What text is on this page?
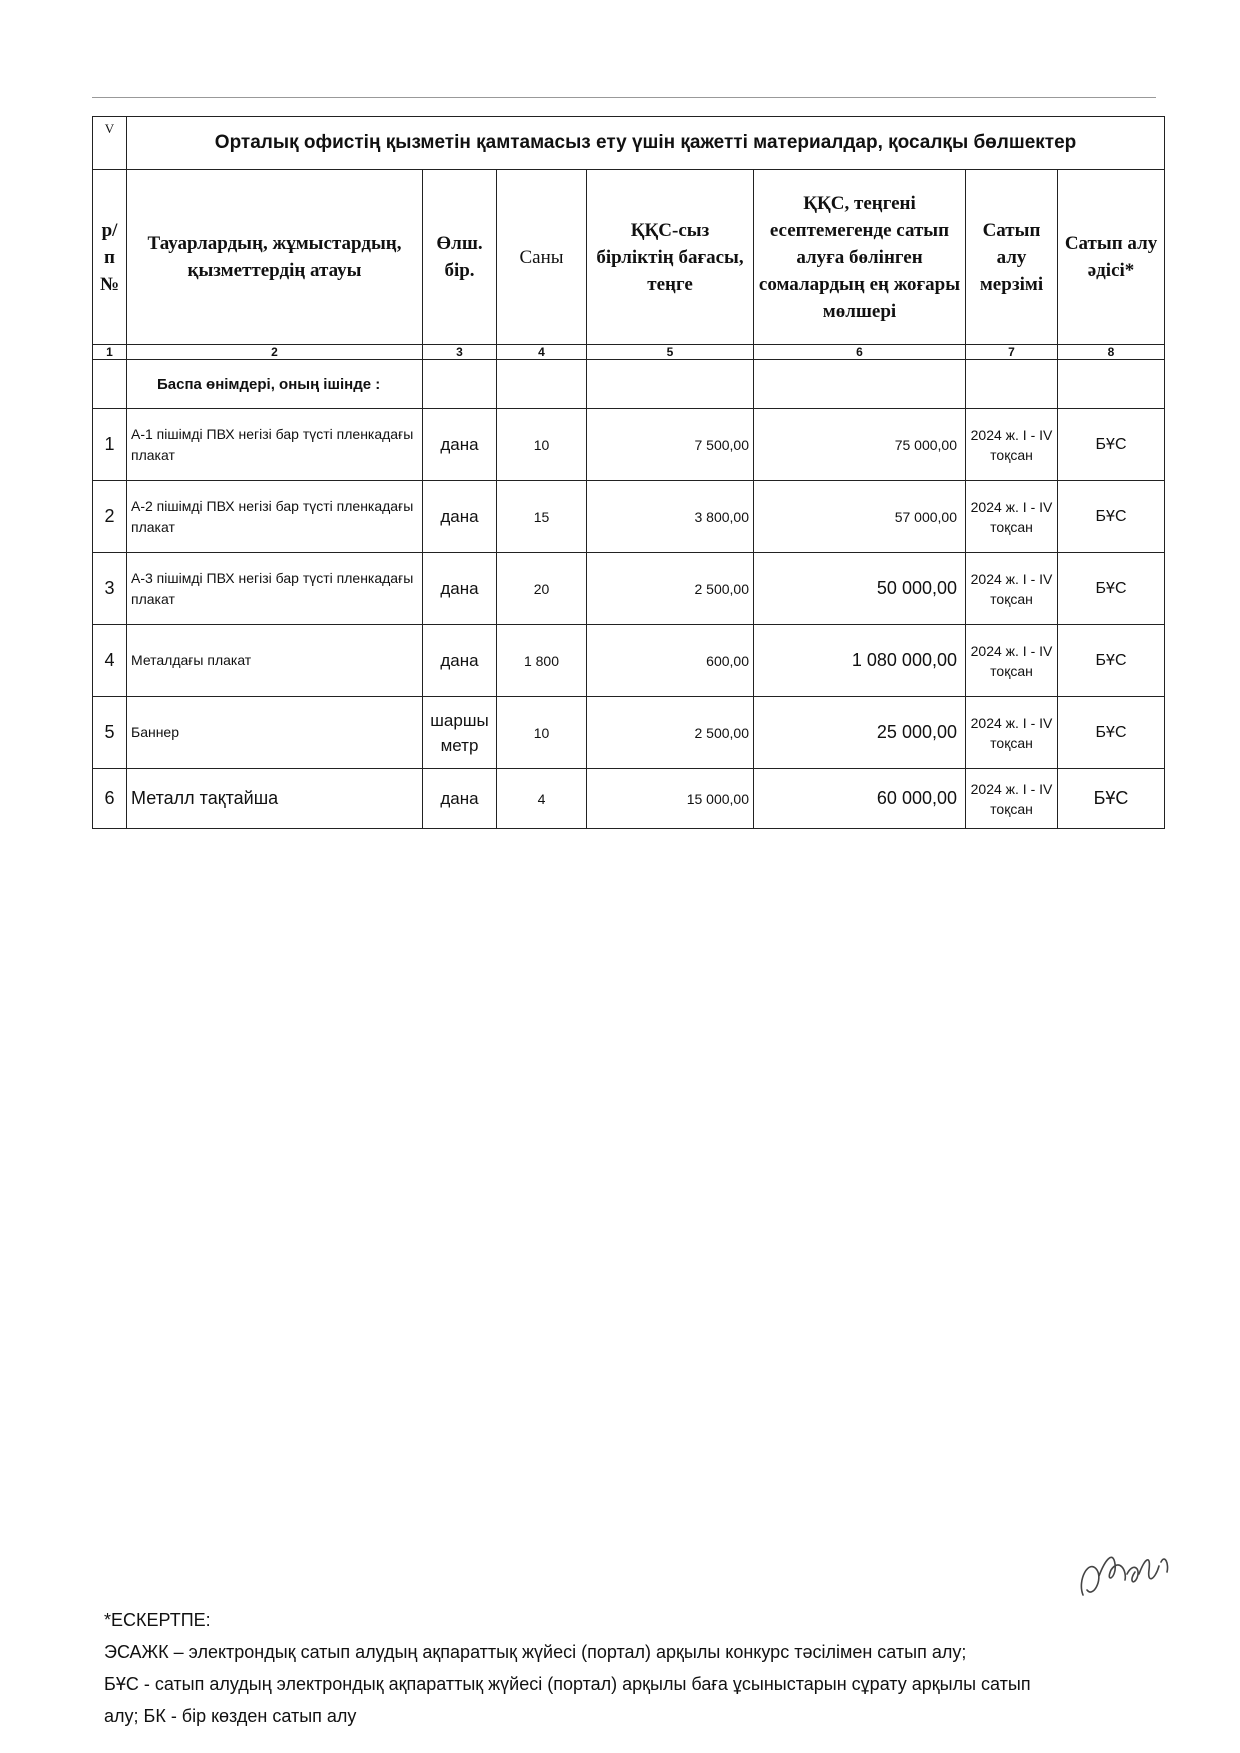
V	Орталық офистің қызметін қамтамасыз ету үшін қажетті материалдар, қосалқы бөлшектер						
р/п №	Тауарлардың, жұмыстардың, қызметтердің атауы	Өлш. бір.	Саны	ҚҚС-сыз бірліктің бағасы, теңге	ҚҚС, теңгені есептемегенде сатып алуға бөлінген сомалардың ең жоғары мөлшері	Сатып алу мерзімі	Сатып алу әдісі*
1	2	3	4	5	6	7	8
	Баспа өнімдері, оның ішінде :						
1	А-1 пішімді ПВХ негізі бар түсті пленкадағы плакат	дана	10	7 500,00	75 000,00	2024 ж. I - IV тоқсан	БҰС
2	А-2 пішімді ПВХ негізі бар түсті пленкадағы плакат	дана	15	3 800,00	57 000,00	2024 ж. I - IV тоқсан	БҰС
3	А-3 пішімді ПВХ негізі бар түсті пленкадағы плакат	дана	20	2 500,00	50 000,00	2024 ж. I - IV тоқсан	БҰС
4	Металдағы плакат	дана	1 800	600,00	1 080 000,00	2024 ж. I - IV тоқсан	БҰС
5	Баннер	шаршы метр	10	2 500,00	25 000,00	2024 ж. I - IV тоқсан	БҰС
6	Металл тақтайша	дана	4	15 000,00	60 000,00	2024 ж. I - IV тоқсан	БҰС
*ЕСКЕРТПЕ:
ЭСАЖК – электрондық сатып алудың ақпараттық жүйесі (портал) арқылы конкурс тәсілімен сатып алу;
БҰС - сатып алудың электрондық ақпараттық жүйесі (портал) арқылы баға ұсыныстарын сұрату арқылы сатып
алу; БК - бір көзден сатып алу
